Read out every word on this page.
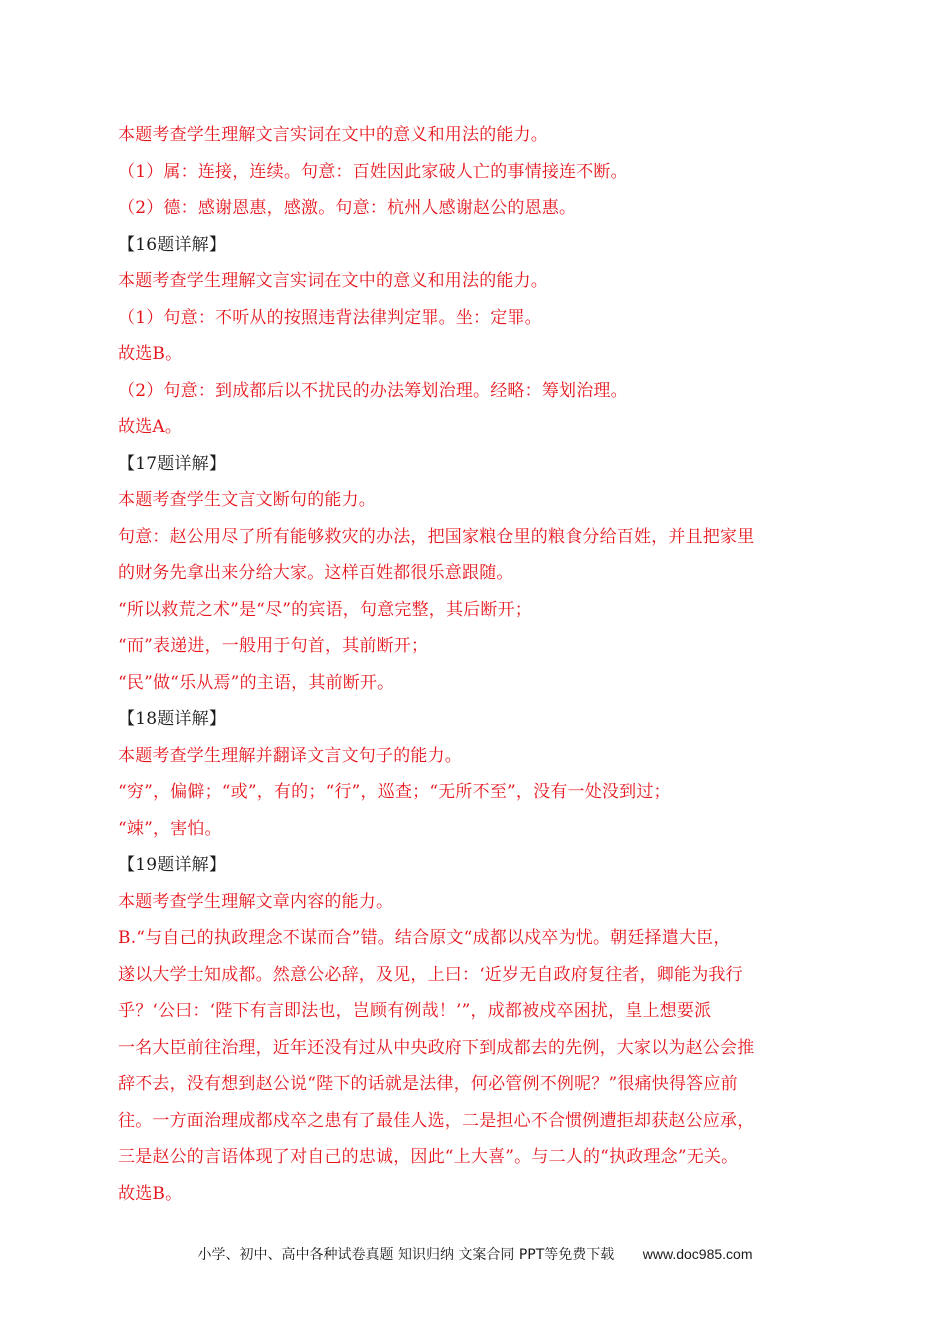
本题考查学生理解文言实词在文中的意义和用法的能力。
（1）属：连接，连续。句意：百姓因此家破人亡的事情接连不断。
（2）德：感谢恩惠，感激。句意：杭州人感谢赵公的恩惠。
【16题详解】
本题考查学生理解文言实词在文中的意义和用法的能力。
（1）句意：不听从的按照违背法律判定罪。坐：定罪。
故选B。
（2）句意：到成都后以不扰民的办法筹划治理。经略：筹划治理。
故选A。
【17题详解】
本题考查学生文言文断句的能力。
句意：赵公用尽了所有能够救灾的办法，把国家粮仓里的粮食分给百姓，并且把家里
的财务先拿出来分给大家。这样百姓都很乐意跟随。
“所以救荒之术”是“尽”的宾语，句意完整，其后断开；
“而”表递进，一般用于句首，其前断开；
“民”做“乐从焉”的主语，其前断开。
【18题详解】
本题考查学生理解并翻译文言文句子的能力。
“穷”，偏僻；“或”，有的；“行”，巡查；“无所不至”，没有一处没到过；
“竦”，害怕。
【19题详解】
本题考查学生理解文章内容的能力。
B.“与自己的执政理念不谋而合”错。结合原文“成都以戍卒为忧。朝廷择遣大臣，
遂以大学士知成都。然意公必辞，及见，上曰：‘近岁无自政府复往者，卿能为我行
乎？‘公曰：‘陛下有言即法也，岂顾有例哉！’”，成都被戍卒困扰，皇上想要派
一名大臣前往治理，近年还没有过从中央政府下到成都去的先例，大家以为赵公会推
辞不去，没有想到赵公说“陛下的话就是法律，何必管例不例呢？”很痛快得答应前
往。一方面治理成都戍卒之患有了最佳人选，二是担心不合惯例遭拒却获赵公应承，
三是赵公的言语体现了对自己的忠诚，因此“上大喜”。与二人的“执政理念”无关。
故选B。
小学、初中、高中各种试卷真题 知识归纳 文案合同 PPT等免费下载 www.doc985.com
